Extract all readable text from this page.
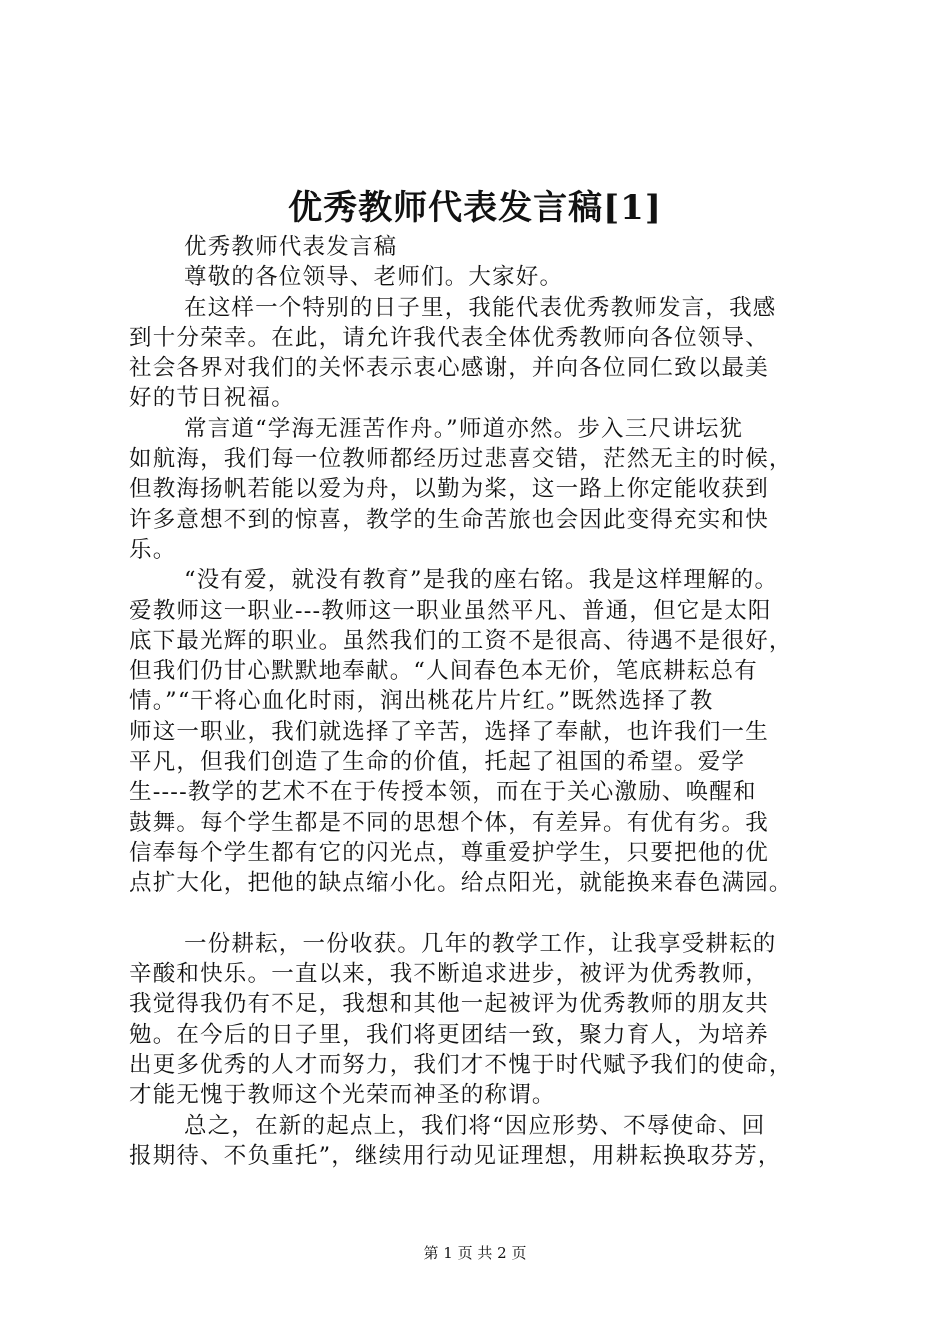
优秀教师代表发言稿[1]
优秀教师代表发言稿
尊敬的各位领导、老师们。大家好。
在这样一个特别的日子里，我能代表优秀教师发言，我感
到十分荣幸。在此，请允许我代表全体优秀教师向各位领导、
社会各界对我们的关怀表示衷心感谢，并向各位同仁致以最美
好的节日祝福。
常言道“学海无涯苦作舟。”师道亦然。步入三尺讲坛犹
如航海，我们每一位教师都经历过悲喜交错，茫然无主的时候，
但教海扬帆若能以爱为舟，以勤为桨，这一路上你定能收获到
许多意想不到的惊喜，教学的生命苦旅也会因此变得充实和快
乐。
“没有爱，就没有教育”是我的座右铭。我是这样理解的。
爱教师这一职业---教师这一职业虽然平凡、普通，但它是太阳
底下最光辉的职业。虽然我们的工资不是很高、待遇不是很好，
但我们仍甘心默默地奉献。“人间春色本无价，笔底耕耘总有
情。”“干将心血化时雨，润出桃花片片红。”既然选择了教
师这一职业，我们就选择了辛苦，选择了奉献，也许我们一生
平凡，但我们创造了生命的价值，托起了祖国的希望。爱学
生----教学的艺术不在于传授本领，而在于关心激励、唤醒和
鼓舞。每个学生都是不同的思想个体，有差异。有优有劣。我
信奉每个学生都有它的闪光点，尊重爱护学生，只要把他的优
点扩大化，把他的缺点缩小化。给点阳光，就能换来春色满园。
一份耕耘，一份收获。几年的教学工作，让我享受耕耘的
辛酸和快乐。一直以来，我不断追求进步，被评为优秀教师，
我觉得我仍有不足，我想和其他一起被评为优秀教师的朋友共
勉。在今后的日子里，我们将更团结一致，聚力育人，为培养
出更多优秀的人才而努力，我们才不愧于时代赋予我们的使命，
才能无愧于教师这个光荣而神圣的称谓。
总之，在新的起点上，我们将“因应形势、不辱使命、回
报期待、不负重托”，继续用行动见证理想，用耕耘换取芬芳，
第 1 页 共 2 页
